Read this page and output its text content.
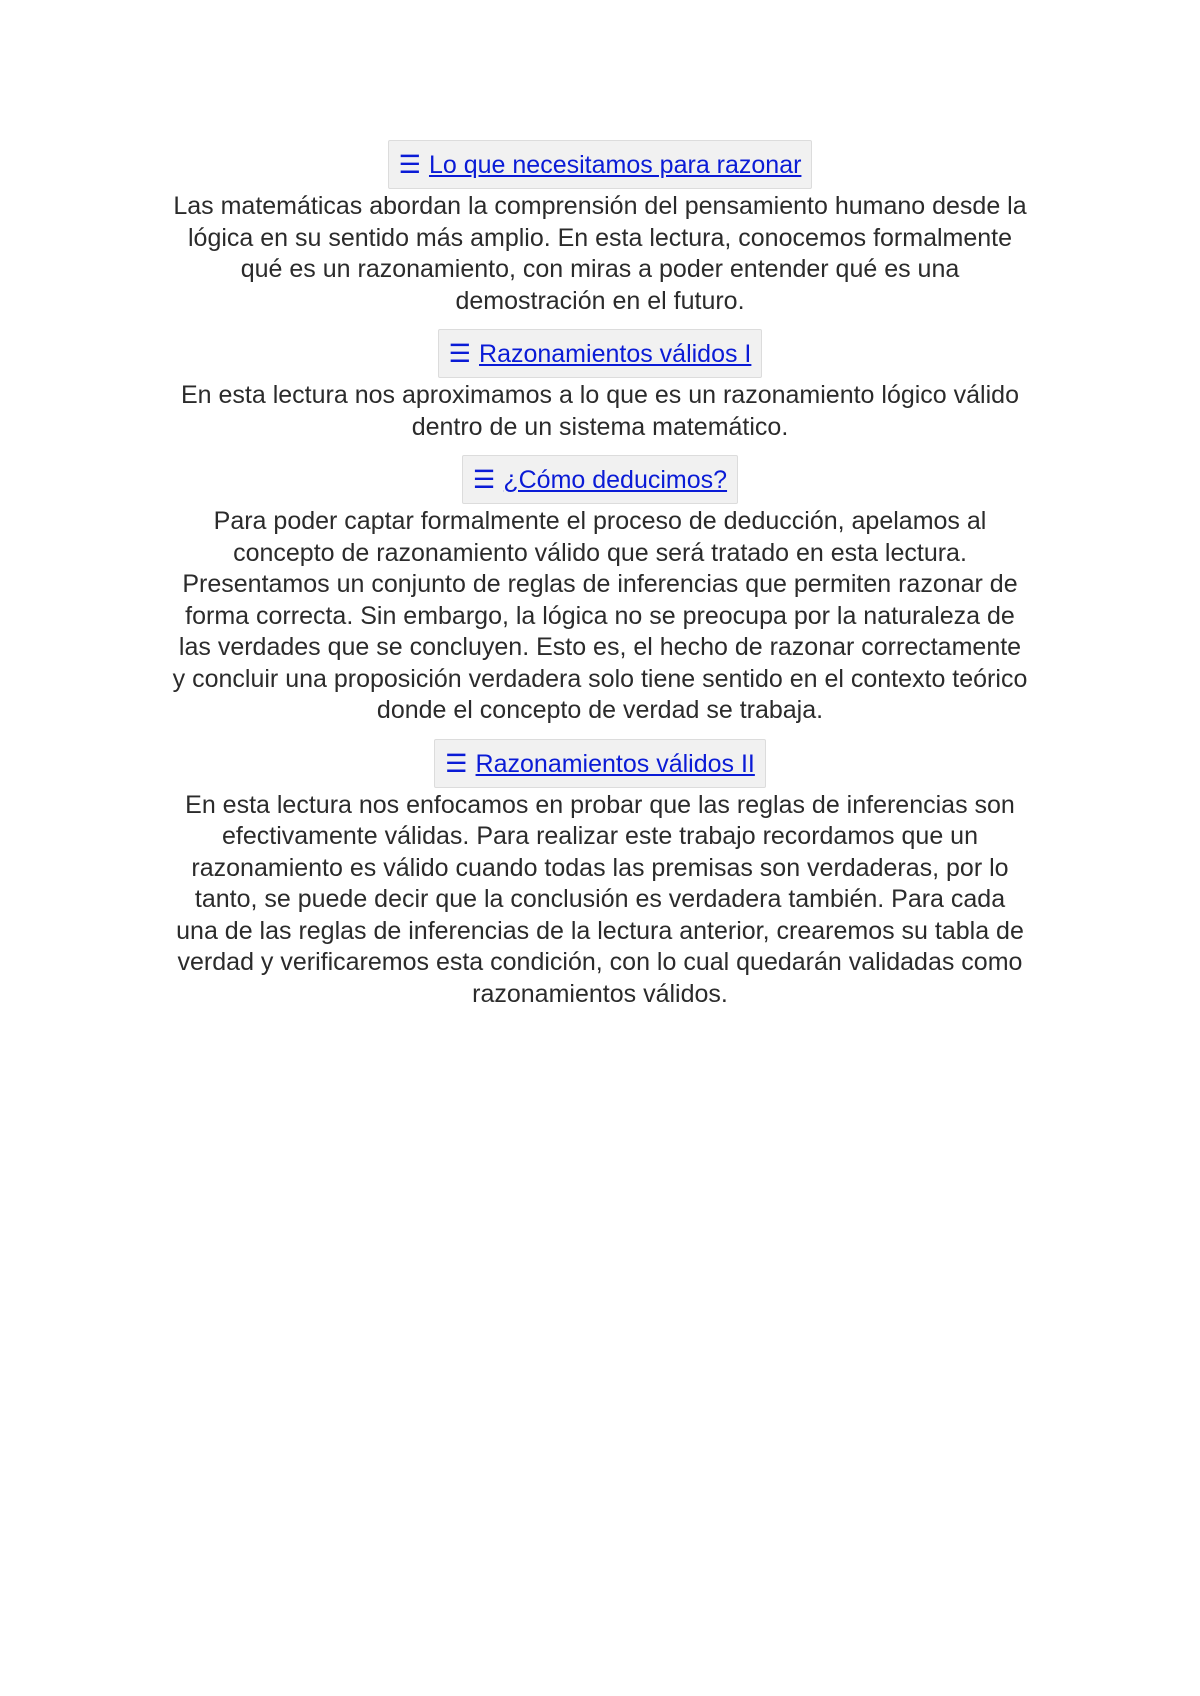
☰ Lo que necesitamos para razonar

Las matemáticas abordan la comprensión del pensamiento humano desde la lógica en su sentido más amplio. En esta lectura, conocemos formalmente qué es un razonamiento, con miras a poder entender qué es una demostración en el futuro.

☰ Razonamientos válidos I

En esta lectura nos aproximamos a lo que es un razonamiento lógico válido dentro de un sistema matemático.

☰ ¿Cómo deducimos?

Para poder captar formalmente el proceso de deducción, apelamos al concepto de razonamiento válido que será tratado en esta lectura. Presentamos un conjunto de reglas de inferencias que permiten razonar de forma correcta. Sin embargo, la lógica no se preocupa por la naturaleza de las verdades que se concluyen. Esto es, el hecho de razonar correctamente y concluir una proposición verdadera solo tiene sentido en el contexto teórico donde el concepto de verdad se trabaja.

☰ Razonamientos válidos II

En esta lectura nos enfocamos en probar que las reglas de inferencias son efectivamente válidas. Para realizar este trabajo recordamos que un razonamiento es válido cuando todas las premisas son verdaderas, por lo tanto, se puede decir que la conclusión es verdadera también. Para cada una de las reglas de inferencias de la lectura anterior, crearemos su tabla de verdad y verificaremos esta condición, con lo cual quedarán validadas como razonamientos válidos.
